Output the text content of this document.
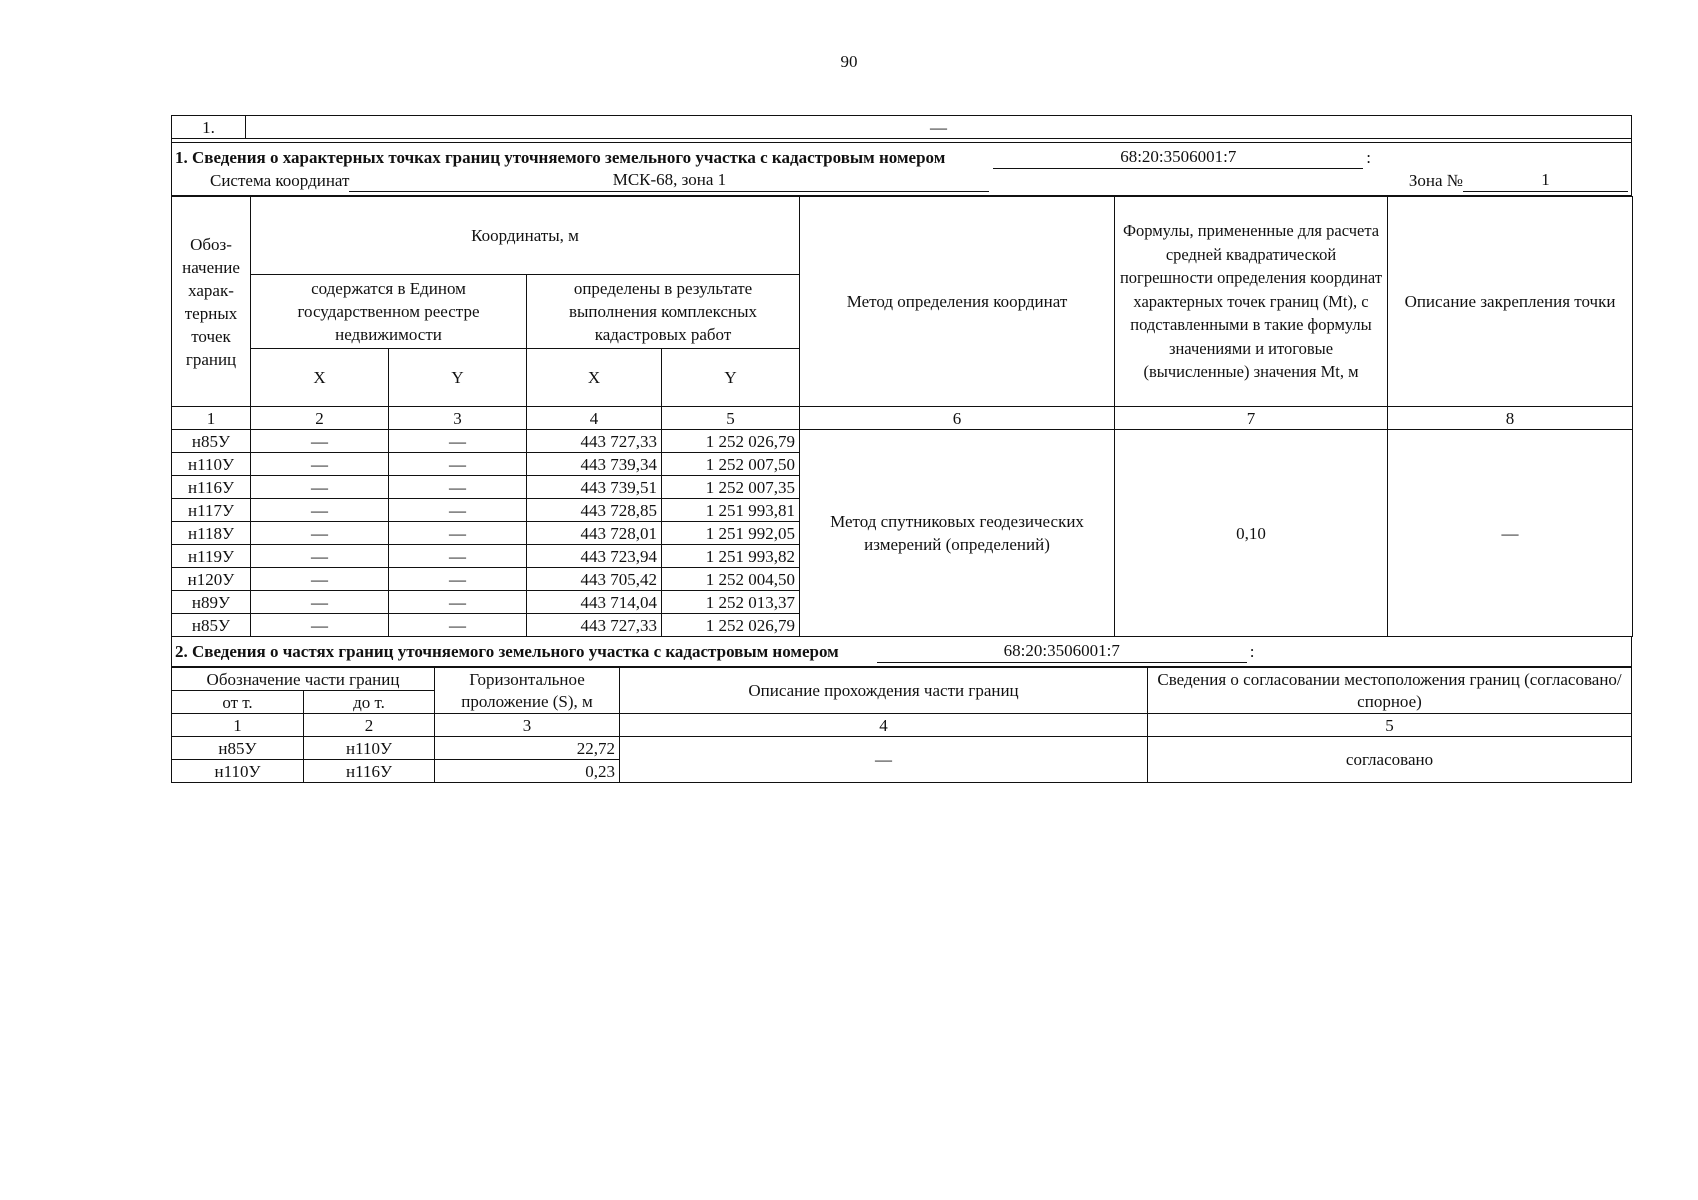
90
1.	—
1. Сведения о характерных точках границ уточняемого земельного участка с кадастровым номером	68:20:3506001:7	:
Система координат	МСК-68, зона 1	Зона №	1
Обоз-начение харак-терных точек границ	Координаты, м				Метод определения координат	Формулы, примененные для расчета средней квадратической погрешности определения координат характерных точек границ (Mt), с подставленными в такие формулы значениями и итоговые (вычисленные) значения Mt, м	Описание закрепления точки
	содержатся в Едином государственном реестре недвижимости		определены в результате выполнения комплексных кадастровых работ				
	X	Y	X	Y			
1	2	3	4	5	6	7	8
н85У	—	—	443 727,33	1 252 026,79	Метод спутниковых геодезических измерений (определений)	0,10	—
н110У	—	—	443 739,34	1 252 007,50			
н116У	—	—	443 739,51	1 252 007,35			
н117У	—	—	443 728,85	1 251 993,81			
н118У	—	—	443 728,01	1 251 992,05			
н119У	—	—	443 723,94	1 251 993,82			
н120У	—	—	443 705,42	1 252 004,50			
н89У	—	—	443 714,04	1 252 013,37			
н85У	—	—	443 727,33	1 252 026,79			
2. Сведения о частях границ уточняемого земельного участка с кадастровым номером	68:20:3506001:7	:
Обозначение части границ		Горизонтальное проложение (S), м	Описание прохождения части границ	Сведения о согласовании местоположения границ (согласовано/спорное)
от т.	до т.			
1	2	3	4	5
н85У	н110У	22,72	—	согласовано
н110У	н116У	0,23		
